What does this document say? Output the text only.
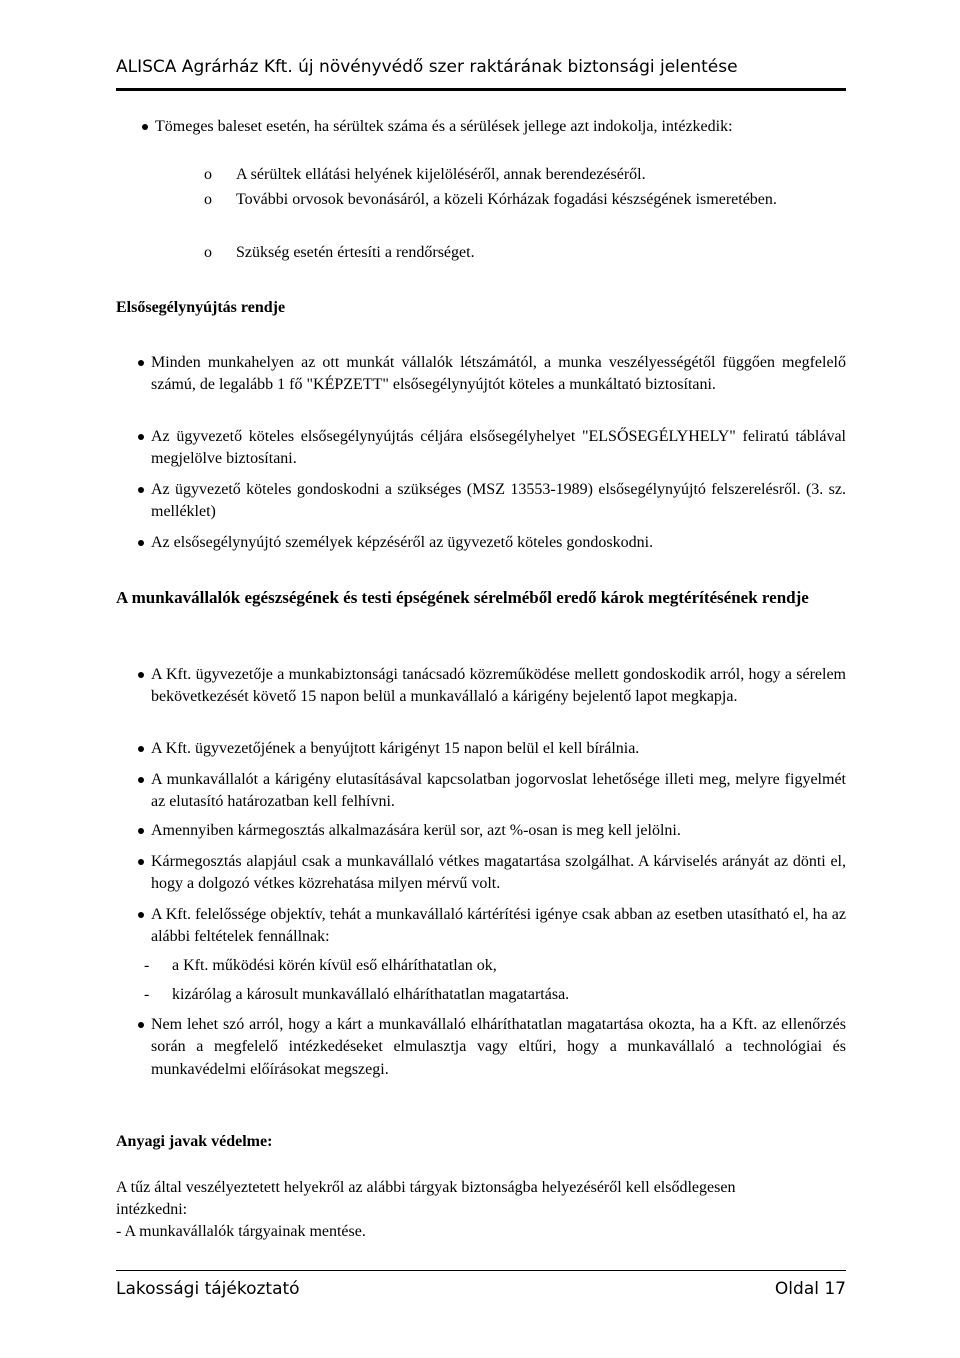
ALISCA Agrárház Kft. új növényvédő szer raktárának biztonsági jelentése
Tömeges baleset esetén, ha sérültek száma és a sérülések jellege azt indokolja, intézkedik:
o A sérültek ellátási helyének kijelöléséről, annak berendezéséről.
o További orvosok bevonásáról, a közeli Kórházak fogadási készségének ismeretében.
o Szükség esetén értesíti a rendőrséget.
Elsősegélynyújtás rendje
Minden munkahelyen az ott munkát vállalók létszámától, a munka veszélyességétől függően megfelelő számú, de legalább 1 fő "KÉPZETT" elsősegélynyújtót köteles a munkáltató biztosítani.
Az ügyvezető köteles elsősegélynyújtás céljára elsősegélyhelyet "ELSŐSEGÉLYHELY" feliratú táblával megjelölve biztosítani.
Az ügyvezető köteles gondoskodni a szükséges (MSZ 13553-1989) elsősegélynyújtó felszerelésről. (3. sz. melléklet)
Az elsősegélynyújtó személyek képzéséről az ügyvezető köteles gondoskodni.
A munkavállalók egészségének és testi épségének sérelméből eredő károk megtérítésének rendje
A Kft. ügyvezetője a munkabiztonsági tanácsadó közreműködése mellett gondoskodik arról, hogy a sérelem bekövetkezését követő 15 napon belül a munkavállaló a kárigény bejelentő lapot megkapja.
A Kft. ügyvezetőjének a benyújtott kárigényt 15 napon belül el kell bírálnia.
A munkavállalót a kárigény elutasításával kapcsolatban jogorvoslat lehetősége illeti meg, melyre figyelmét az elutasító határozatban kell felhívni.
Amennyiben kármegosztás alkalmazására kerül sor, azt %-osan is meg kell jelölni.
Kármegosztás alapjául csak a munkavállaló vétkes magatartása szolgálhat. A kárviselés arányát az dönti el, hogy a dolgozó vétkes közrehatása milyen mérvű volt.
A Kft. felelőssége objektív, tehát a munkavállaló kártérítési igénye csak abban az esetben utasítható el, ha az alábbi feltételek fennállnak:
- a Kft. működési körén kívül eső elháríthatatlan ok,
- kizárólag a károsult munkavállaló elháríthatatlan magatartása.
Nem lehet szó arról, hogy a kárt a munkavállaló elháríthatatlan magatartása okozta, ha a Kft. az ellenőrzés során a megfelelő intézkedéseket elmulasztja vagy eltűri, hogy a munkavállaló a technológiai és munkavédelmi előírásokat megszegi.
Anyagi javak védelme:
A tűz által veszélyeztetett helyekről az alábbi tárgyak biztonságba helyezéséről kell elsődlegesen intézkedni:
- A munkavállalók tárgyainak mentése.
Lakossági tájékoztató	Oldal 17
